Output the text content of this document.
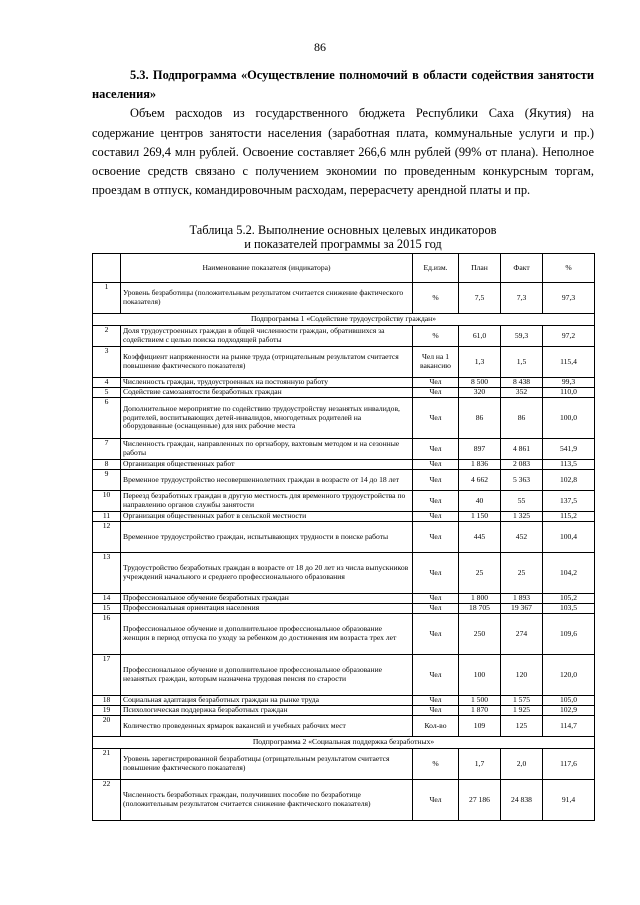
86

5.3. Подпрограмма «Осуществление полномочий в области содействия занятости населения»

Объем расходов из государственного бюджета Республики Саха (Якутия) на содержание центров занятости населения (заработная плата, коммунальные услуги и пр.) составил 269,4 млн рублей. Освоение составляет 266,6 млн рублей (99% от плана). Неполное освоение средств связано с получением экономии по проведенным конкурсным торгам, проездам в отпуск, командировочным расходам, перерасчету арендной платы и пр.

Таблица 5.2. Выполнение основных целевых индикаторов
и показателей программы за 2015 год
	Наименование показателя (индикатора)	Ед.изм.	План	Факт	%
1	Уровень безработицы (положительным результатом считается снижение фактического показателя)	%	7,5	7,3	97,3
Подпрограмма 1 «Содействие трудоустройству граждан»					
2	Доля трудоустроенных граждан в общей численности граждан, обратившихся за содействием с целью поиска подходящей работы	%	61,0	59,3	97,2
3	Коэффициент напряженности на рынке труда (отрицательным результатом считается повышение фактического показателя)	Чел на 1 вакансию	1,3	1,5	115,4
4	Численность граждан, трудоустроенных на постоянную работу	Чел	8 500	8 438	99,3
5	Содействие самозанятости безработных граждан	Чел	320	352	110,0
6	Дополнительное мероприятие по содействию трудоустройству незанятых инвалидов, родителей, воспитывающих детей-инвалидов, многодетных родителей на оборудованные (оснащенные) для них рабочие места	Чел	86	86	100,0
7	Численность граждан, направленных по оргнабору, вахтовым методом и на сезонные работы	Чел	897	4 861	541,9
8	Организация общественных работ	Чел	1 836	2 083	113,5
9	Временное трудоустройство несовершеннолетних граждан в возрасте от 14 до 18 лет	Чел	4 662	5 363	102,8
10	Переезд безработных граждан в другую местность для временного трудоустройства по направлению органов службы занятости	Чел	40	55	137,5
11	Организация общественных работ в сельской местности	Чел	1 150	1 325	115,2
12	Временное трудоустройство граждан, испытывающих трудности в поиске работы	Чел	445	452	100,4
13	Трудоустройство безработных граждан в возрасте от 18 до 20 лет из числа выпускников учреждений начального и среднего профессионального образования	Чел	25	25	104,2
14	Профессиональное обучение безработных граждан	Чел	1 800	1 893	105,2
15	Профессиональная ориентация населения	Чел	18 705	19 367	103,5
16	Профессиональное обучение и дополнительное профессиональное образование женщин в период отпуска по уходу за ребенком до достижения им возраста трех лет	Чел	250	274	109,6
17	Профессиональное обучение и дополнительное профессиональное образование незанятых граждан, которым назначена трудовая пенсия по старости	Чел	100	120	120,0
18	Социальная адаптация безработных граждан на рынке труда	Чел	1 500	1 575	105,0
19	Психологическая поддержка безработных граждан	Чел	1 870	1 925	102,9
20	Количество проведенных ярмарок вакансий и учебных рабочих мест	Кол-во	109	125	114,7
Подпрограмма 2 «Социальная поддержка безработных»					
21	Уровень зарегистрированной безработицы (отрицательным результатом считается повышение фактического показателя)	%	1,7	2,0	117,6
22	Численность безработных граждан, получивших пособие по безработице (положительным результатом считается снижение фактического показателя)	Чел	27 186	24 838	91,4
